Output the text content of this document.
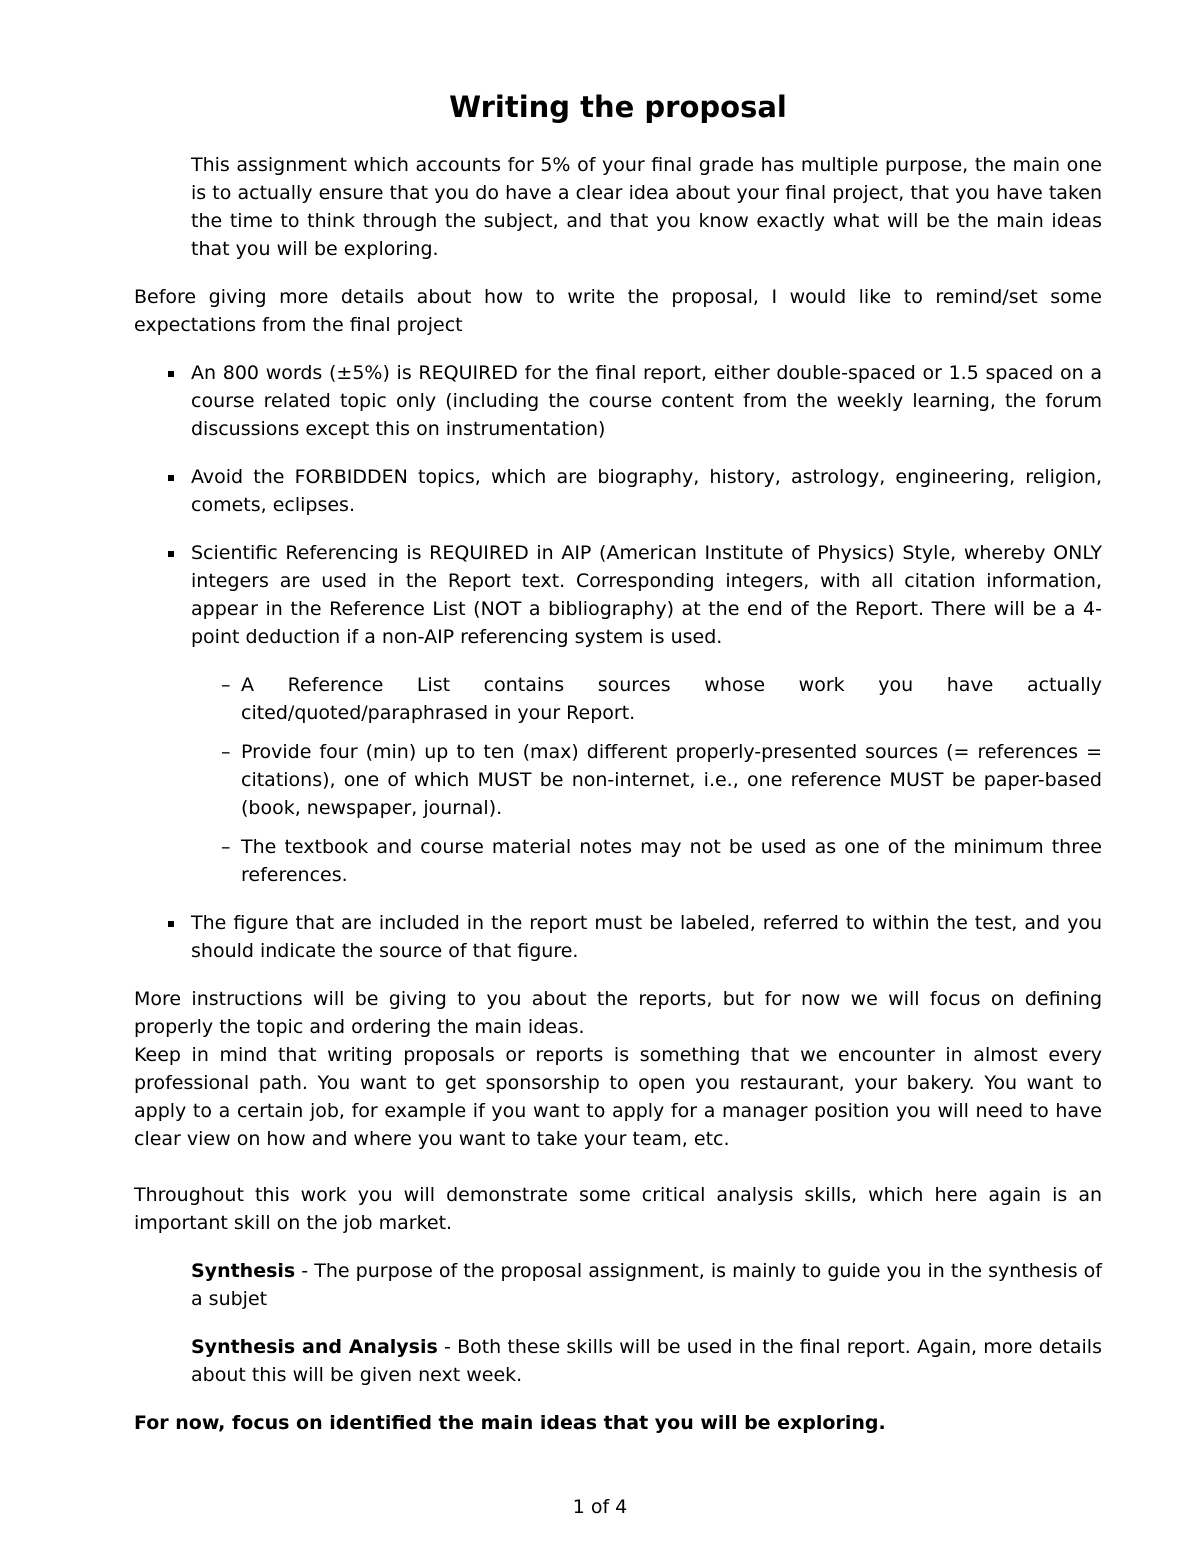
Writing the proposal

This assignment which accounts for 5% of your final grade has multiple purpose, the main one is to actually ensure that you do have a clear idea about your final project, that you have taken the time to think through the subject, and that you know exactly what will be the main ideas that you will be exploring.

Before giving more details about how to write the proposal, I would like to remind/set some expectations from the final project

An 800 words (±5%) is REQUIRED for the final report, either double-spaced or 1.5 spaced on a course related topic only (including the course content from the weekly learning, the forum discussions except this on instrumentation)
Avoid the FORBIDDEN topics, which are biography, history, astrology, engineering, religion, comets, eclipses.
Scientific Referencing is REQUIRED in AIP (American Institute of Physics) Style, whereby ONLY integers are used in the Report text. Corresponding integers, with all citation information, appear in the Reference List (NOT a bibliography) at the end of the Report. There will be a 4-point deduction if a non-AIP referencing system is used.
– A Reference List contains sources whose work you have actually cited/quoted/paraphrased in your Report.
– Provide four (min) up to ten (max) different properly-presented sources (= references = citations), one of which MUST be non-internet, i.e., one reference MUST be paper-based (book, newspaper, journal).
– The textbook and course material notes may not be used as one of the minimum three references.
The figure that are included in the report must be labeled, referred to within the test, and you should indicate the source of that figure.

More instructions will be giving to you about the reports, but for now we will focus on defining properly the topic and ordering the main ideas.

Keep in mind that writing proposals or reports is something that we encounter in almost every professional path. You want to get sponsorship to open you restaurant, your bakery. You want to apply to a certain job, for example if you want to apply for a manager position you will need to have clear view on how and where you want to take your team, etc.

Throughout this work you will demonstrate some critical analysis skills, which here again is an important skill on the job market.

Synthesis - The purpose of the proposal assignment, is mainly to guide you in the synthesis of a subjet
Synthesis and Analysis - Both these skills will be used in the final report. Again, more details about this will be given next week.

For now, focus on identified the main ideas that you will be exploring.

1 of 4
